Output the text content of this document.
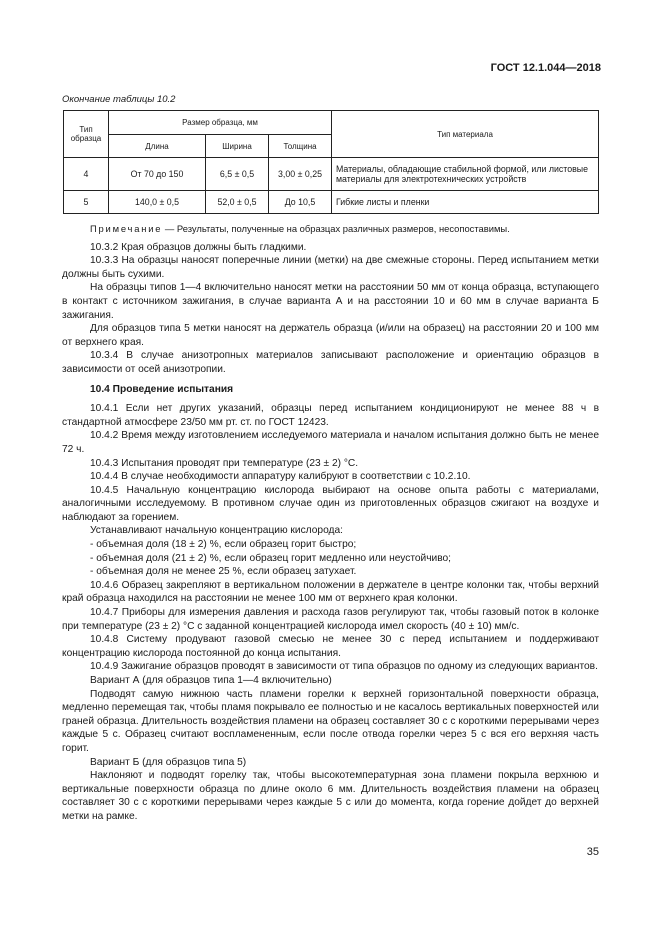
ГОСТ 12.1.044—2018
Окончание таблицы 10.2
Тип образца	Размер образца, мм			Тип материала
	Длина	Ширина	Толщина	
4	От 70 до 150	6,5 ± 0,5	3,00 ± 0,25	Материалы, обладающие стабильной формой, или листовые материалы для электротехнических устройств
5	140,0 ± 0,5	52,0 ± 0,5	До 10,5	Гибкие листы и пленки

Примечание — Результаты, полученные на образцах различных размеров, несопоставимы.

10.3.2 Края образцов должны быть гладкими.

10.3.3 На образцы наносят поперечные линии (метки) на две смежные стороны. Перед испытанием метки должны быть сухими.

На образцы типов 1—4 включительно наносят метки на расстоянии 50 мм от конца образца, вступающего в контакт с источником зажигания, в случае варианта А и на расстоянии 10 и 60 мм в случае варианта Б зажигания.

Для образцов типа 5 метки наносят на держатель образца (и/или на образец) на расстоянии 20 и 100 мм от верхнего края.

10.3.4 В случае анизотропных материалов записывают расположение и ориентацию образцов в зависимости от осей анизотропии.

10.4 Проведение испытания

10.4.1 Если нет других указаний, образцы перед испытанием кондиционируют не менее 88 ч в стандартной атмосфере 23/50 мм рт. ст. по ГОСТ 12423.

10.4.2 Время между изготовлением исследуемого материала и началом испытания должно быть не менее 72 ч.

10.4.3 Испытания проводят при температуре (23 ± 2) °C.

10.4.4 В случае необходимости аппаратуру калибруют в соответствии с 10.2.10.

10.4.5 Начальную концентрацию кислорода выбирают на основе опыта работы с материалами, аналогичными исследуемому. В противном случае один из приготовленных образцов сжигают на воздухе и наблюдают за горением.

Устанавливают начальную концентрацию кислорода:

- объемная доля (18 ± 2) %, если образец горит быстро;

- объемная доля (21 ± 2) %, если образец горит медленно или неустойчиво;

- объемная доля не менее 25 %, если образец затухает.

10.4.6 Образец закрепляют в вертикальном положении в держателе в центре колонки так, чтобы верхний край образца находился на расстоянии не менее 100 мм от верхнего края колонки.

10.4.7 Приборы для измерения давления и расхода газов регулируют так, чтобы газовый поток в колонке при температуре (23 ± 2) °C с заданной концентрацией кислорода имел скорость (40 ± 10) мм/с.

10.4.8 Систему продувают газовой смесью не менее 30 с перед испытанием и поддерживают концентрацию кислорода постоянной до конца испытания.

10.4.9 Зажигание образцов проводят в зависимости от типа образцов по одному из следующих вариантов.

Вариант А (для образцов типа 1—4 включительно)

Подводят самую нижнюю часть пламени горелки к верхней горизонтальной поверхности образца, медленно перемещая так, чтобы пламя покрывало ее полностью и не касалось вертикальных поверхностей или граней образца. Длительность воздействия пламени на образец составляет 30 с с короткими перерывами через каждые 5 с. Образец считают воспламененным, если после отвода горелки через 5 с вся его верхняя часть горит.

Вариант Б (для образцов типа 5)

Наклоняют и подводят горелку так, чтобы высокотемпературная зона пламени покрыла верхнюю и вертикальные поверхности образца по длине около 6 мм. Длительность воздействия пламени на образец составляет 30 с с короткими перерывами через каждые 5 с или до момента, когда горение дойдет до верхней метки на рамке.

35
